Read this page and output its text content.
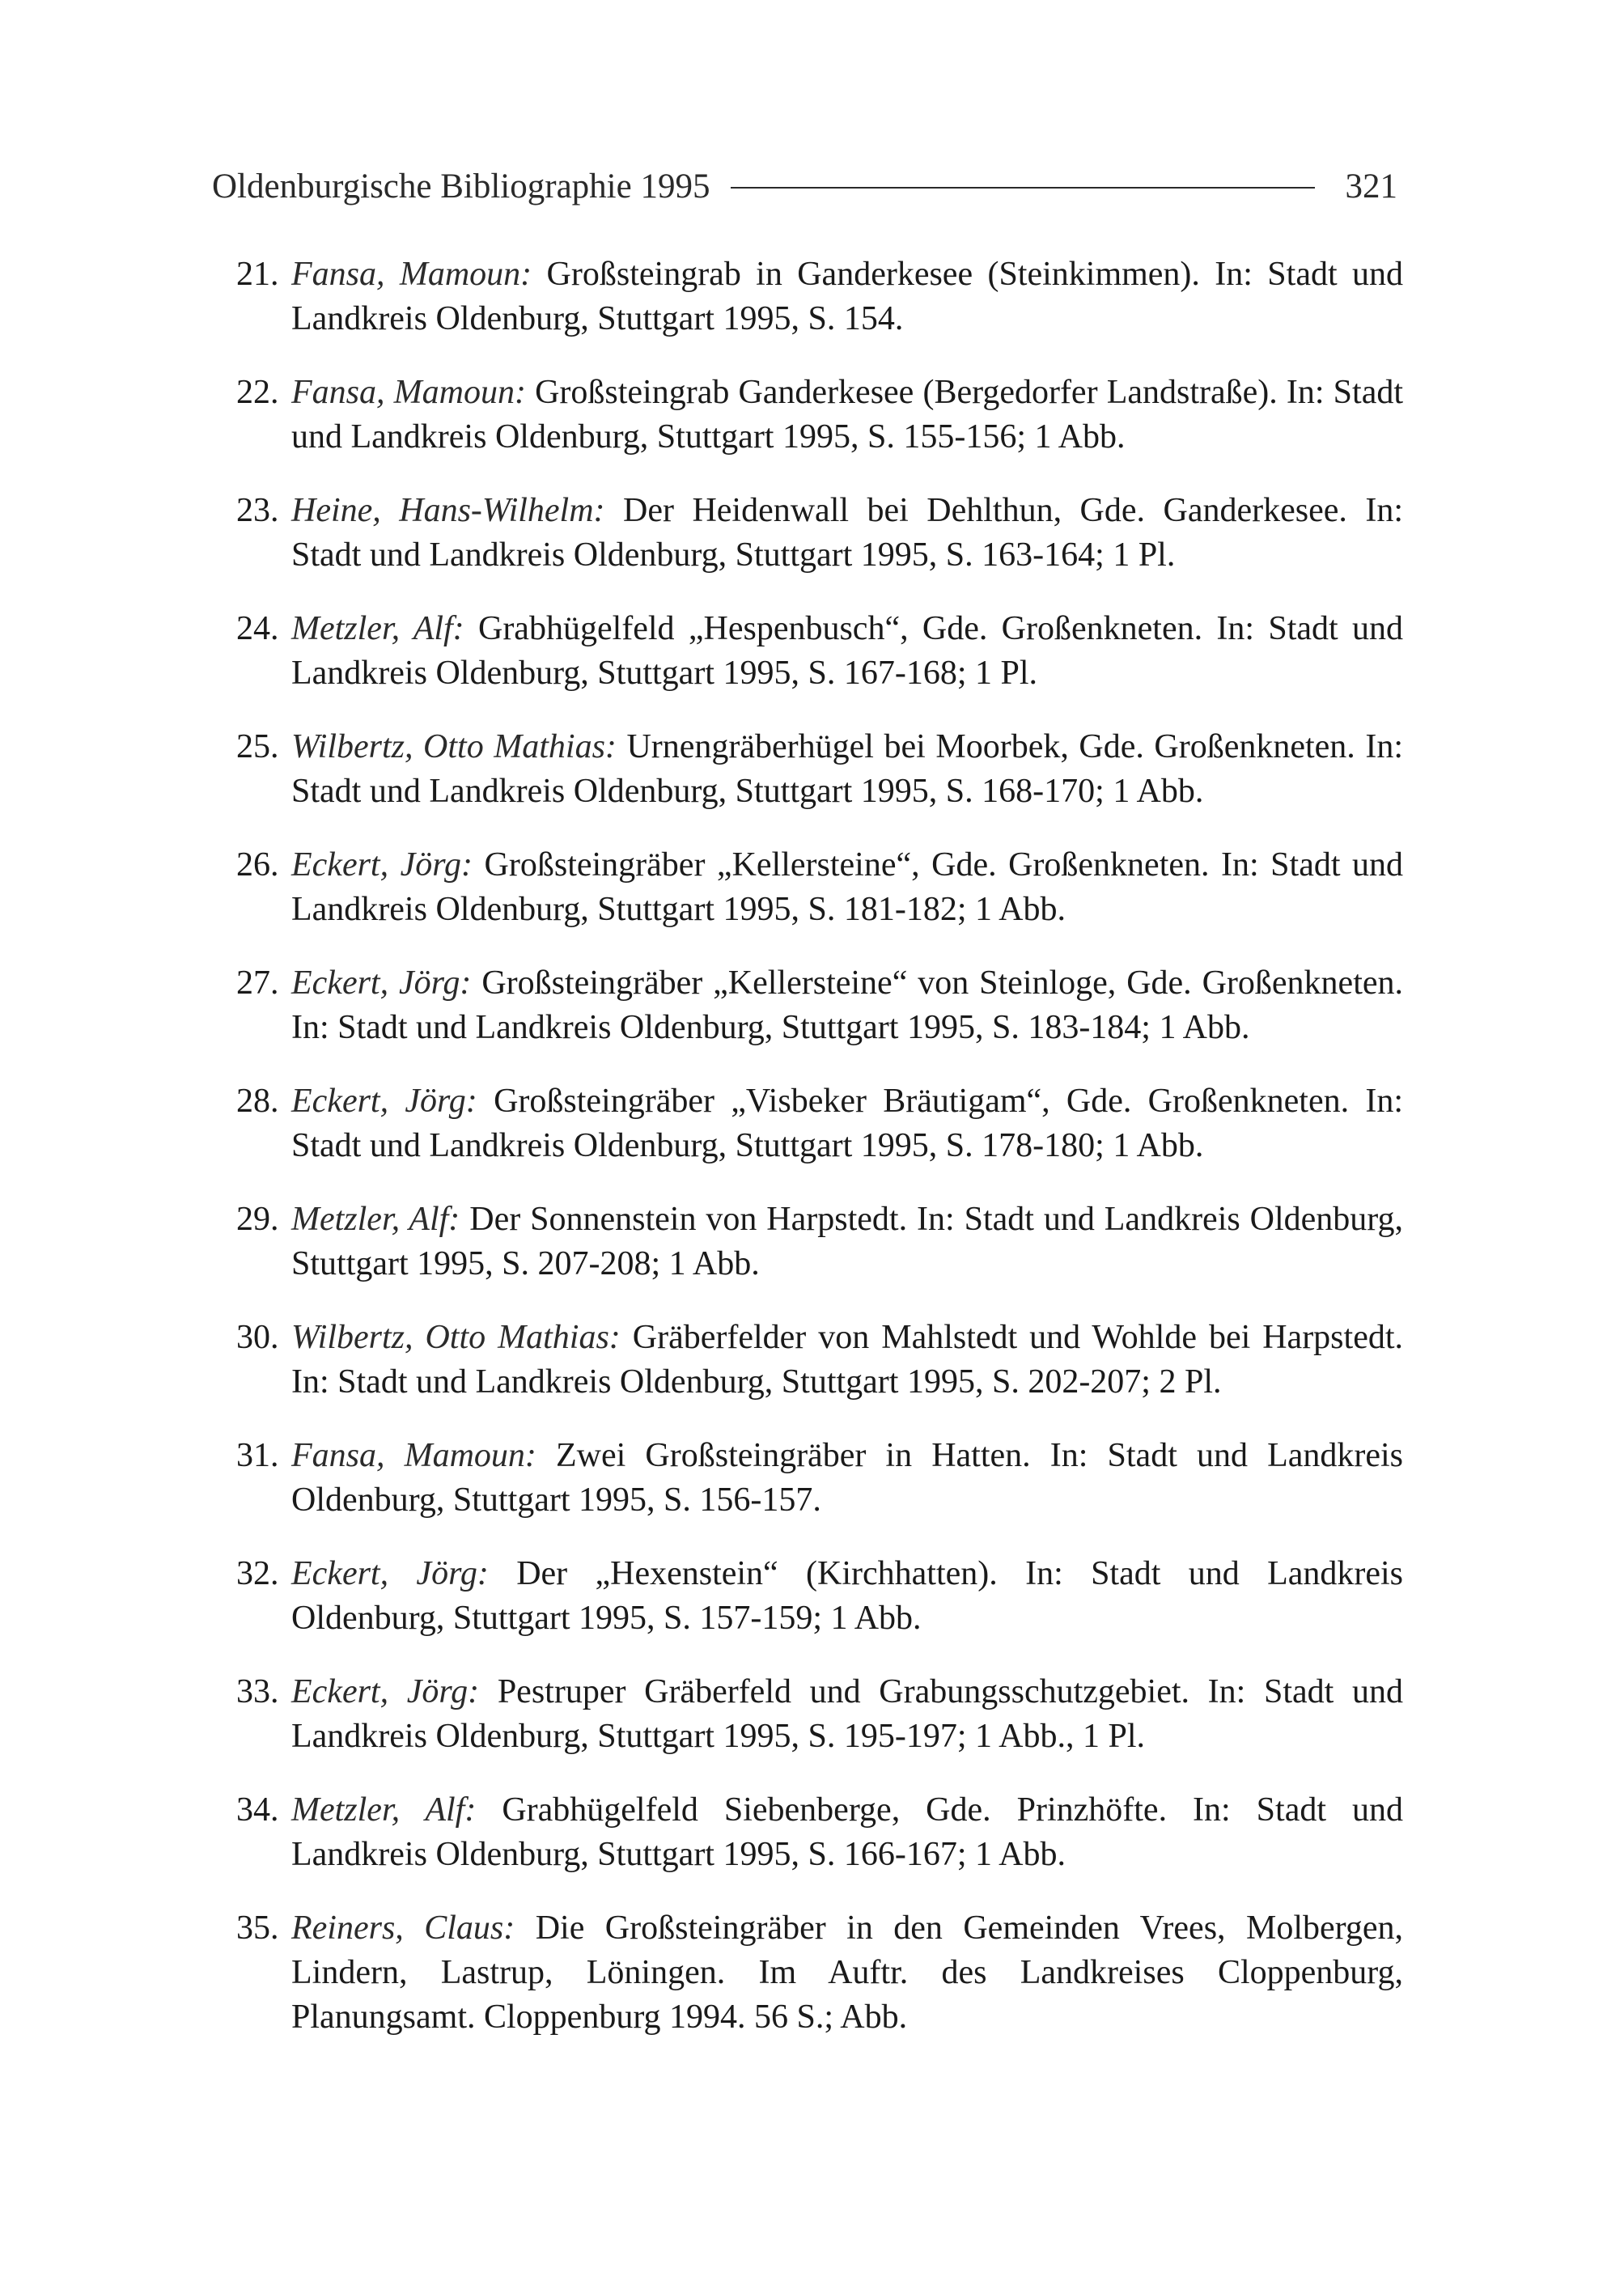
Oldenburgische Bibliographie 1995	321
21. Fansa, Mamoun: Großsteingrab in Ganderkesee (Steinkimmen). In: Stadt und Landkreis Oldenburg, Stuttgart 1995, S. 154.
22. Fansa, Mamoun: Großsteingrab Ganderkesee (Bergedorfer Landstraße). In: Stadt und Landkreis Oldenburg, Stuttgart 1995, S. 155-156; 1 Abb.
23. Heine, Hans-Wilhelm: Der Heidenwall bei Dehlthun, Gde. Ganderkesee. In: Stadt und Landkreis Oldenburg, Stuttgart 1995, S. 163-164; 1 Pl.
24. Metzler, Alf: Grabhügelfeld „Hespenbusch“, Gde. Großenkneten. In: Stadt und Landkreis Oldenburg, Stuttgart 1995, S. 167-168; 1 Pl.
25. Wilbertz, Otto Mathias: Urnengräberhügel bei Moorbek, Gde. Großenkneten. In: Stadt und Landkreis Oldenburg, Stuttgart 1995, S. 168-170; 1 Abb.
26. Eckert, Jörg: Großsteingräber „Kellersteine“, Gde. Großenkneten. In: Stadt und Landkreis Oldenburg, Stuttgart 1995, S. 181-182; 1 Abb.
27. Eckert, Jörg: Großsteingräber „Kellersteine“ von Steinloge, Gde. Großenkneten. In: Stadt und Landkreis Oldenburg, Stuttgart 1995, S. 183-184; 1 Abb.
28. Eckert, Jörg: Großsteingräber „Visbeker Bräutigam“, Gde. Großenkneten. In: Stadt und Landkreis Oldenburg, Stuttgart 1995, S. 178-180; 1 Abb.
29. Metzler, Alf: Der Sonnenstein von Harpstedt. In: Stadt und Landkreis Oldenburg, Stuttgart 1995, S. 207-208; 1 Abb.
30. Wilbertz, Otto Mathias: Gräberfelder von Mahlstedt und Wohlde bei Harpstedt. In: Stadt und Landkreis Oldenburg, Stuttgart 1995, S. 202-207; 2 Pl.
31. Fansa, Mamoun: Zwei Großsteingräber in Hatten. In: Stadt und Landkreis Oldenburg, Stuttgart 1995, S. 156-157.
32. Eckert, Jörg: Der „Hexenstein“ (Kirchhatten). In: Stadt und Landkreis Oldenburg, Stuttgart 1995, S. 157-159; 1 Abb.
33. Eckert, Jörg: Pestruper Gräberfeld und Grabungsschutzgebiet. In: Stadt und Landkreis Oldenburg, Stuttgart 1995, S. 195-197; 1 Abb., 1 Pl.
34. Metzler, Alf: Grabhügelfeld Siebenberge, Gde. Prinzhöfte. In: Stadt und Landkreis Oldenburg, Stuttgart 1995, S. 166-167; 1 Abb.
35. Reiners, Claus: Die Großsteingräber in den Gemeinden Vrees, Molbergen, Lindern, Lastrup, Löningen. Im Auftr. des Landkreises Cloppenburg, Planungsamt. Cloppenburg 1994. 56 S.; Abb.
